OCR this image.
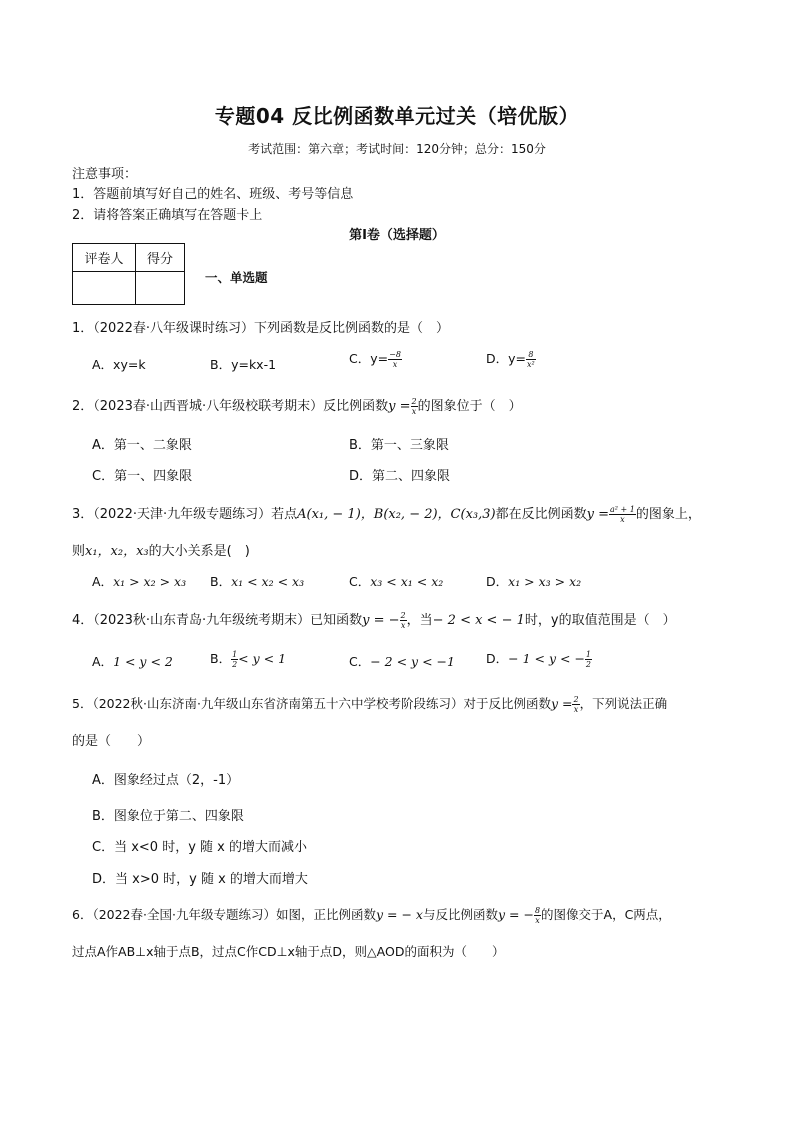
专题04 反比例函数单元过关（培优版）
考试范围：第六章；考试时间：120分钟；总分：150分
注意事项：
1．答题前填写好自己的姓名、班级、考号等信息
2．请将答案正确填写在答题卡上
第I卷（选择题）
评卷人	得分

一、单选题
1．（2022春·八年级课时练习）下列函数是反比例函数的是（　）
A．xy=k	B．y=kx-1	C．$y= \frac{-8}{x}$	D．$y= \frac{8}{\text{x²}}$
2．（2023春·山西晋城·八年级校联考期末）反比例函数$y = \frac{2}{x}$ 的图象位于（　）
A．第一、二象限	B．第一、三象限
C．第一、四象限	D．第二、四象限
3．（2022·天津·九年级专题练习）若点A(x₁, − 1)，B(x₂, − 2)，C(x₃,3)都在反比例函数$y = \frac{\text{a² + 1}}{x}$ 的图象上，
则x₁，x₂，x₃的大小关系是(　)
A．x₁ > x₂ > x₃ B．x₁ < x₂ < x₃	C．x₃ < x₁ < x₂	D．x₁ > x₃ > x₂
4．（2023秋·山东青岛·九年级统考期末）已知函数y = − $\frac{2}{x}$ ，当− 2 < x < − 1时，y的取值范围是（　）
A．1 < y < 2	B． $\frac{1}{2} < y < 1$	C．− 2 < y < −1 D．− 1 < y < − $\frac{1}{2}$
5．（2022秋·山东济南·九年级山东省济南第五十六中学校考阶段练习）对于反比例函数$y = \frac{2}{x}$ ，下列说法正确
的是（　　）
A．图象经过点（2，-1）
B．图象位于第二、四象限
C．当 x<0 时，y 随 x 的增大而减小
D．当 x>0 时，y 随 x 的增大而增大
6．（2022春·全国·九年级专题练习）如图，正比例函数y = − x与反比例函数y = − $\frac{8}{x}$ 的图像交于A，C两点，
过点A作AB⊥x轴于点B，过点C作CD⊥x轴于点D，则△AOD的面积为（　　）
